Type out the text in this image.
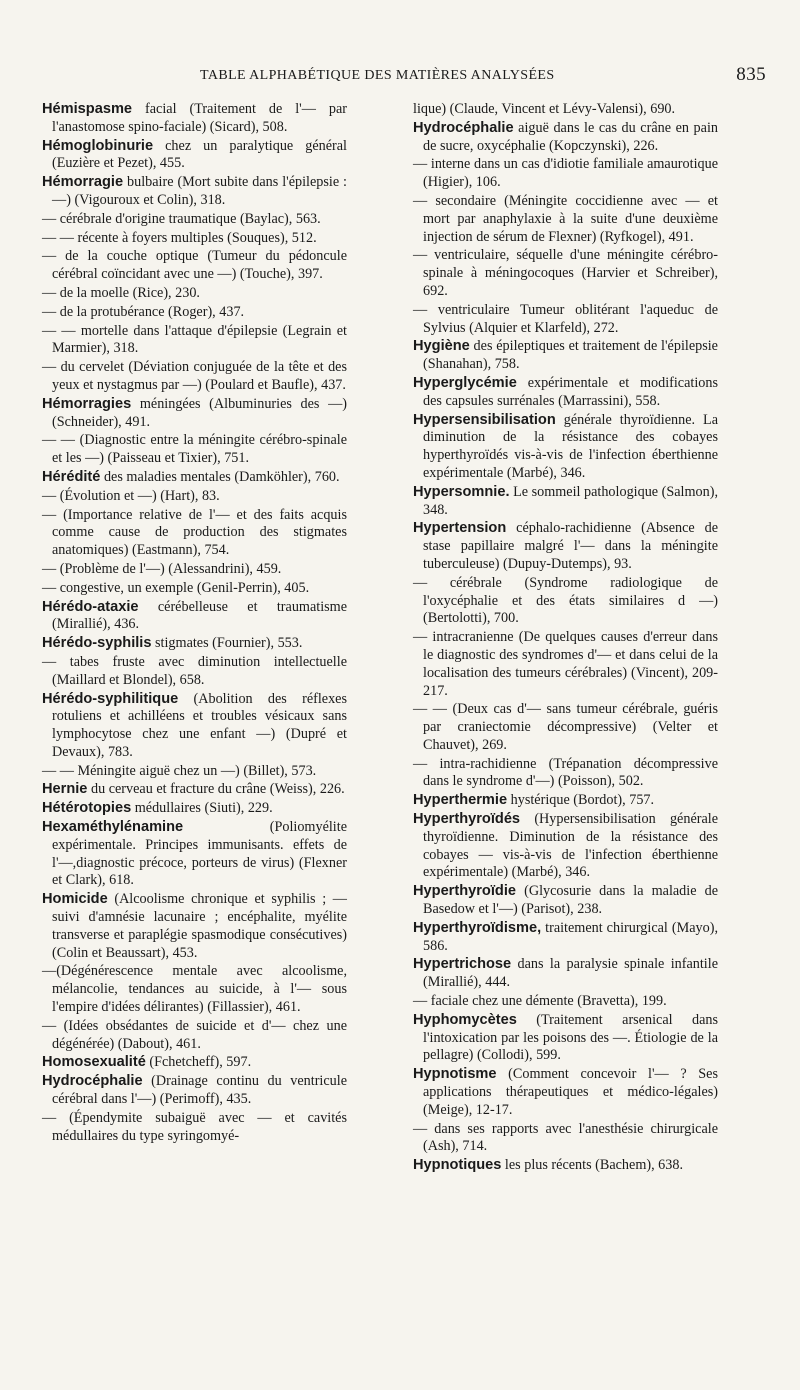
TABLE ALPHABÉTIQUE DES MATIÈRES ANALYSÉES	835
Hémispasme facial (Traitement de l'— par l'anastomose spino-faciale) (Sicard), 508.
Hémoglobinurie chez un paralytique général (Euzière et Pezet), 455.
Hémorragie bulbaire (Mort subite dans l'épilepsie : —) (Vigouroux et Colin), 318.
— cérébrale d'origine traumatique (Baylac), 563.
— — récente à foyers multiples (Souques), 512.
— de la couche optique (Tumeur du pédoncule cérébral coïncidant avec une —) (Touche), 397.
— de la moelle (Rice), 230.
— de la protubérance (Roger), 437.
— — mortelle dans l'attaque d'épilepsie (Legrain et Marmier), 318.
— du cervelet (Déviation conjuguée de la tête et des yeux et nystagmus par —) (Poulard et Baufle), 437.
Hémorragies méningées (Albuminuries des —) (Schneider), 491.
— — (Diagnostic entre la méningite cérébro-spinale et les —) (Paisseau et Tixier), 751.
Hérédité des maladies mentales (Damköhler), 760.
— (Évolution et —) (Hart), 83.
— (Importance relative de l'— et des faits acquis comme cause de production des stigmates anatomiques) (Eastmann), 754.
— (Problème de l'—) (Alessandrini), 459.
— congestive, un exemple (Genil-Perrin), 405.
Hérédo-ataxie cérébelleuse et traumatisme (Mirallié), 436.
Hérédo-syphilis stigmates (Fournier), 553.
— tabes fruste avec diminution intellectuelle (Maillard et Blondel), 658.
Hérédo-syphilitique (Abolition des réflexes rotuliens et achilléens et troubles vésicaux sans lymphocytose chez une enfant —) (Dupré et Devaux), 783.
— — Méningite aiguë chez un —) (Billet), 573.
Hernie du cerveau et fracture du crâne (Weiss), 226.
Hétérotopies médullaires (Siuti), 229.
Hexaméthylénamine (Poliomyélite expérimentale. Principes immunisants. effets de l'—,diagnostic précoce, porteurs de virus) (Flexner et Clark), 618.
Homicide (Alcoolisme chronique et syphilis ; — suivi d'amnésie lacunaire ; encéphalite, myélite transverse et paraplégie spasmodique consécutives) (Colin et Beaussart), 453.
—(Dégénérescence mentale avec alcoolisme, mélancolie, tendances au suicide, à l'— sous l'empire d'idées délirantes) (Fillassier), 461.
— (Idées obsédantes de suicide et d'— chez une dégénérée) (Dabout), 461.
Homosexualité (Fchetcheff), 597.
Hydrocéphalie (Drainage continu du ventricule cérébral dans l'—) (Perimoff), 435.
— (Épendymite subaiguë avec — et cavités médullaires du type syringomyé-
lique) (Claude, Vincent et Lévy-Valensi), 690.
Hydrocéphalie aiguë dans le cas du crâne en pain de sucre, oxycéphalie (Kopczynski), 226.
— interne dans un cas d'idiotie familiale amaurotique (Higier), 106.
— secondaire (Méningite coccidienne avec — et mort par anaphylaxie à la suite d'une deuxième injection de sérum de Flexner) (Ryfkogel), 491.
— ventriculaire, séquelle d'une méningite cérébro-spinale à méningocoques (Harvier et Schreiber), 692.
— ventriculaire Tumeur oblitérant l'aqueduc de Sylvius (Alquier et Klarfeld), 272.
Hygiène des épileptiques et traitement de l'épilepsie (Shanahan), 758.
Hyperglycémie expérimentale et modifications des capsules surrénales (Marrassini), 558.
Hypersensibilisation générale thyroïdienne. La diminution de la résistance des cobayes hyperthyroïdés vis-à-vis de l'infection éberthienne expérimentale (Marbé), 346.
Hypersomnie. Le sommeil pathologique (Salmon), 348.
Hypertension céphalo-rachidienne (Absence de stase papillaire malgré l'— dans la méningite tuberculeuse) (Dupuy-Dutemps), 93.
— cérébrale (Syndrome radiologique de l'oxycéphalie et des états similaires d —) (Bertolotti), 700.
— intracranienne (De quelques causes d'erreur dans le diagnostic des syndromes d'— et dans celui de la localisation des tumeurs cérébrales) (Vincent), 209-217.
— — (Deux cas d'— sans tumeur cérébrale, guéris par craniectomie décompressive) (Velter et Chauvet), 269.
— intra-rachidienne (Trépanation décompressive dans le syndrome d'—) (Poisson), 502.
Hyperthermie hystérique (Bordot), 757.
Hyperthyroïdés (Hypersensibilisation générale thyroïdienne. Diminution de la résistance des cobayes — vis-à-vis de l'infection éberthienne expérimentale) (Marbé), 346.
Hyperthyroïdie (Glycosurie dans la maladie de Basedow et l'—) (Parisot), 238.
Hyperthyroïdisme, traitement chirurgical (Mayo), 586.
Hypertrichose dans la paralysie spinale infantile (Mirallié), 444.
— faciale chez une démente (Bravetta), 199.
Hyphomycètes (Traitement arsenical dans l'intoxication par les poisons des —. Étiologie de la pellagre) (Collodi), 599.
Hypnotisme (Comment concevoir l'— ? Ses applications thérapeutiques et médico-légales) (Meige), 12-17.
— dans ses rapports avec l'anesthésie chirurgicale (Ash), 714.
Hypnotiques les plus récents (Bachem), 638.
